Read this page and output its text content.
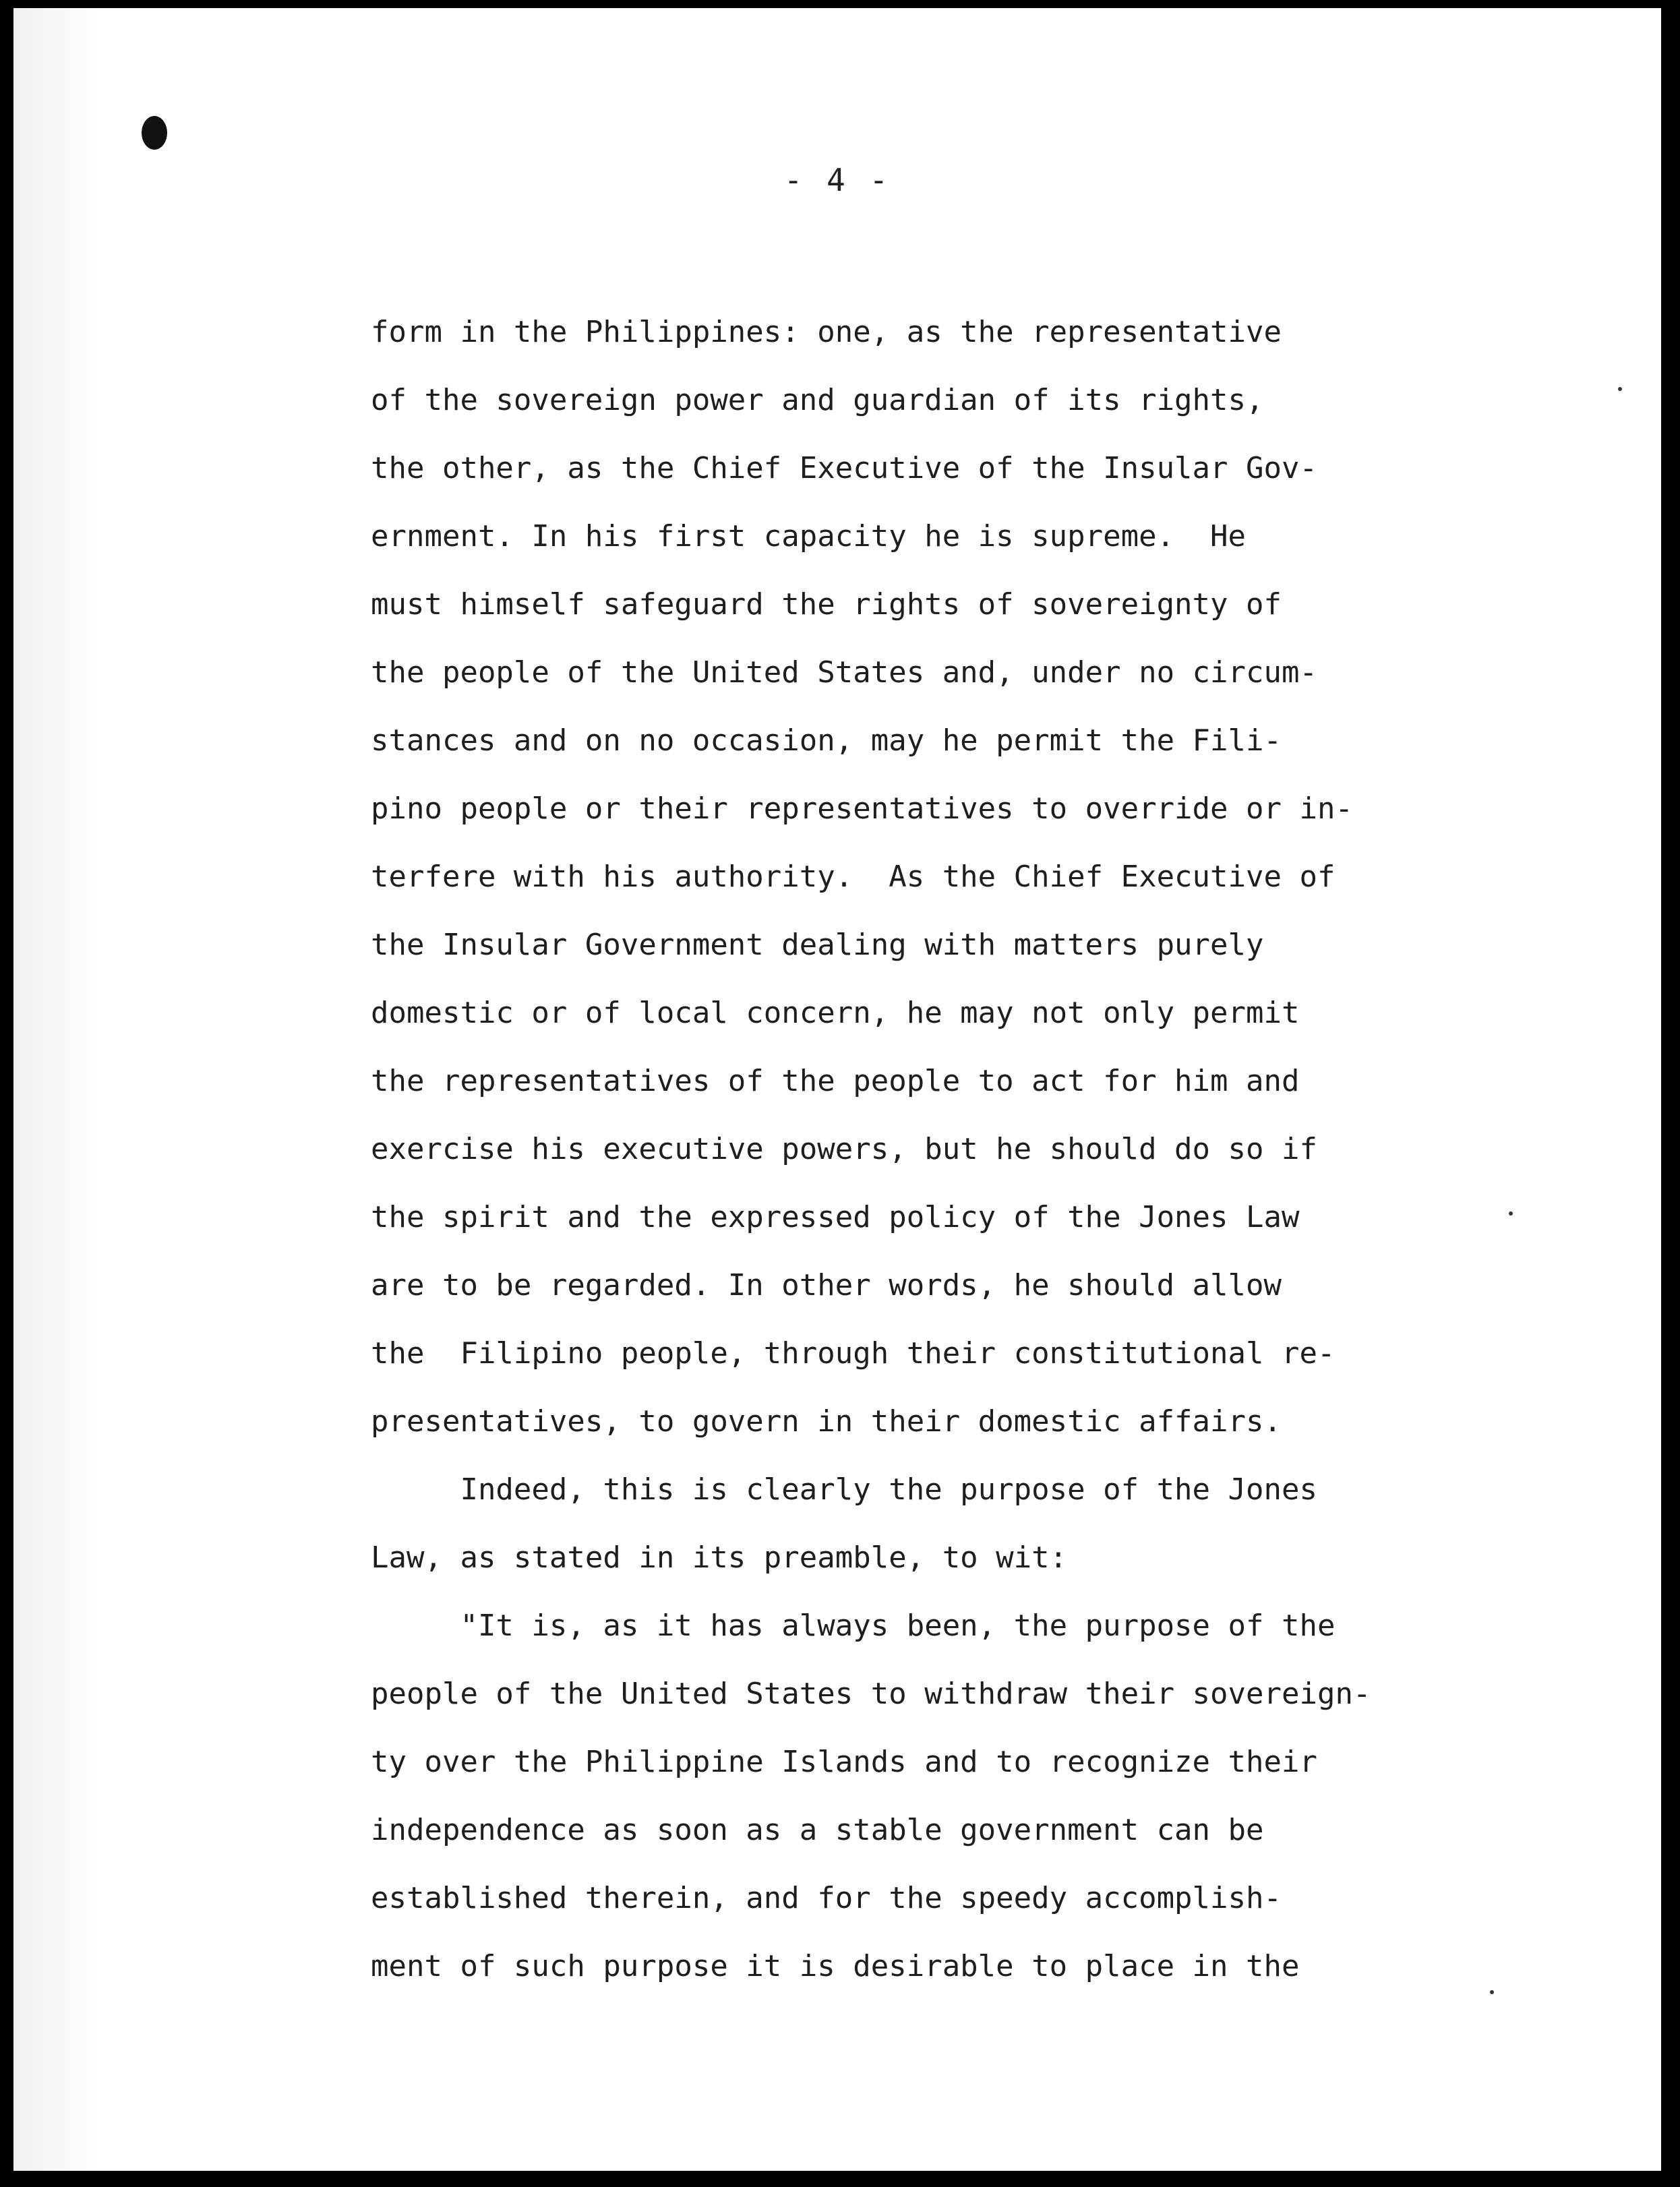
- 4 -
form in the Philippines: one, as the representative
of the sovereign power and guardian of its rights,
the other, as the Chief Executive of the Insular Gov-
ernment. In his first capacity he is supreme.  He
must himself safeguard the rights of sovereignty of
the people of the United States and, under no circum-
stances and on no occasion, may he permit the Fili-
pino people or their representatives to override or in-
terfere with his authority.  As the Chief Executive of
the Insular Government dealing with matters purely
domestic or of local concern, he may not only permit
the representatives of the people to act for him and
exercise his executive powers, but he should do so if
the spirit and the expressed policy of the Jones Law
are to be regarded. In other words, he should allow
the  Filipino people, through their constitutional re-
presentatives, to govern in their domestic affairs.
Indeed, this is clearly the purpose of the Jones
Law, as stated in its preamble, to wit:
"It is, as it has always been, the purpose of the
people of the United States to withdraw their sovereign-
ty over the Philippine Islands and to recognize their
independence as soon as a stable government can be
established therein, and for the speedy accomplish-
ment of such purpose it is desirable to place in the
